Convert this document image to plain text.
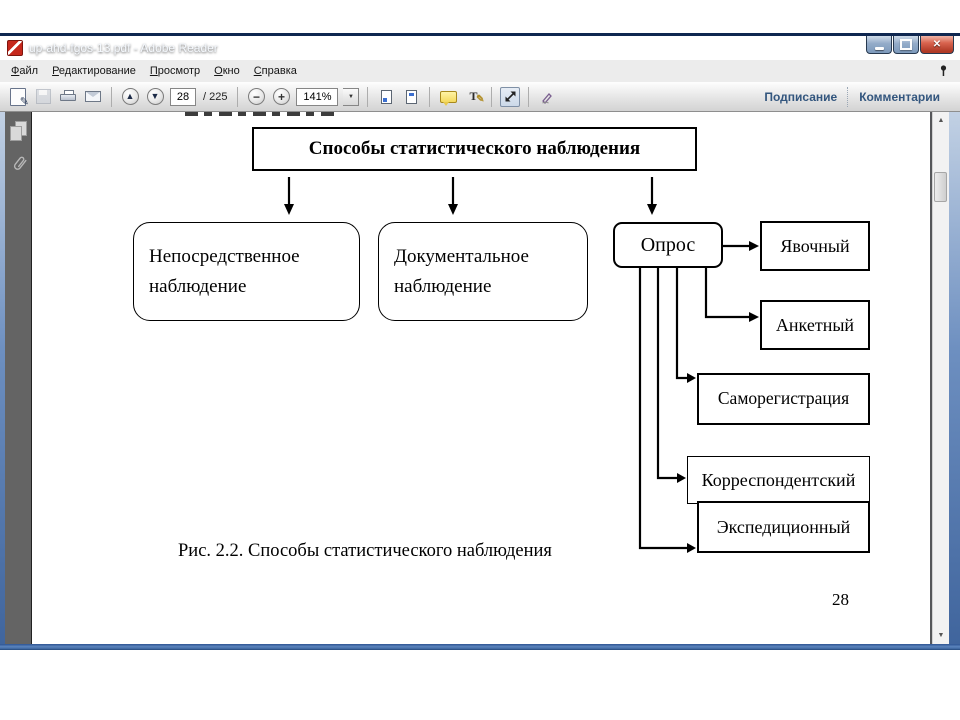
up-ahd-fgos-13.pdf - Adobe Reader	✕
Файл	Редактирование	Просмотр	Окно	Справка
✎	▲	▼
28	/ 225	−	+	141%	▼	T
✎	Подписание Комментарии
Способы статистического наблюдения
Непосредственное наблюдение
Документальное наблюдение
Опрос	Явочный
Анкетный
Саморегистрация
Корреспондентский
Экспедиционный
Рис. 2.2. Способы статистического наблюдения
28
▲
▼
